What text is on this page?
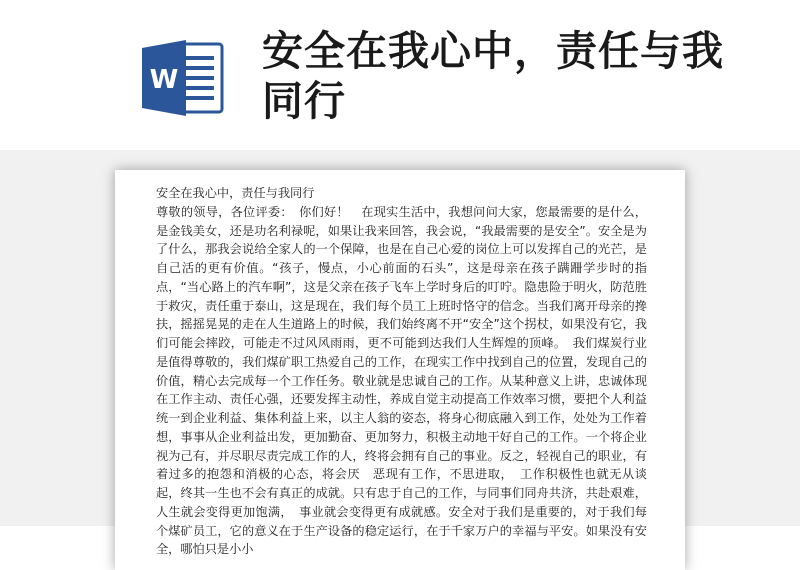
W
安全在我心中，责任与我同行

安全在我心中，责任与我同行

尊敬的领导，各位评委：　你们好！　在现实生活中，我想问问大家，您最需要的是什么，是金钱美女，还是功名利禄呢，如果让我来回答，我会说，“我最需要的是安全”。安全是为了什么，那我会说给全家人的一个保障，也是在自己心爱的岗位上可以发挥自己的光芒，是自己活的更有价值。“孩子，慢点，小心前面的石头”，这是母亲在孩子蹒跚学步时的指点，“当心路上的汽车啊”，这是父亲在孩子飞车上学时身后的叮咛。隐患险于明火，防范胜于救灾，责任重于泰山，这是现在，我们每个员工上班时恪守的信念。当我们离开母亲的搀扶，摇摇晃晃的走在人生道路上的时候，我们始终离不开“安全”这个拐杖，如果没有它，我们可能会摔跤，可能走不过风风雨雨，更不可能到达我们人生辉煌的顶峰。　我们煤炭行业是值得尊敬的，我们煤矿职工热爱自己的工作，在现实工作中找到自己的位置，发现自己的价值，精心去完成每一个工作任务。敬业就是忠诚自己的工作。从某种意义上讲，忠诚体现在工作主动、责任心强，还要发挥主动性，养成自觉主动提高工作效率习惯，要把个人利益统一到企业利益、集体利益上来，以主人翁的姿态，将身心彻底融入到工作，处处为工作着想，事事从企业利益出发，更加勤奋、更加努力，积极主动地干好自己的工作。一个将企业视为己有，并尽职尽责完成工作的人，终将会拥有自己的事业。反之，轻视自己的职业，有着过多的抱怨和消极的心态，将会厌　恶现有工作，不思进取，　工作积极性也就无从谈起，终其一生也不会有真正的成就。只有忠于自己的工作，与同事们同舟共济，共赴艰难，人生就会变得更加饱满，　事业就会变得更有成就感。安全对于我们是重要的，对于我们每个煤矿员工，它的意义在于生产设备的稳定运行，在于千家万户的幸福与平安。如果没有安全，哪怕只是小小
